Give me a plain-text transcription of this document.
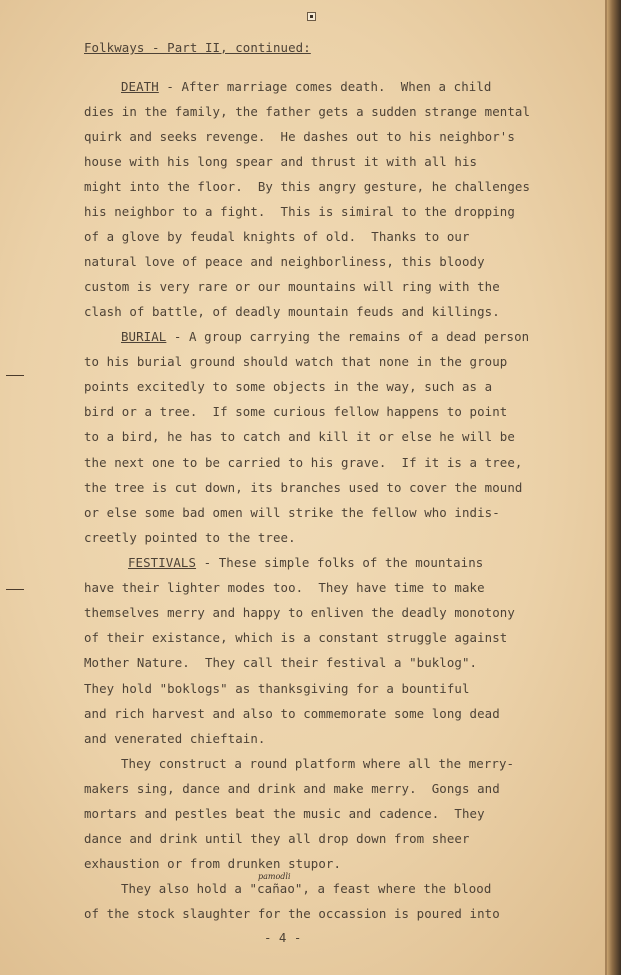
Folkways - Part II, continued:
DEATH - After marriage comes death.  When a child
dies in the family, the father gets a sudden strange mental
quirk and seeks revenge.  He dashes out to his neighbor's
house with his long spear and thrust it with all his
might into the floor.  By this angry gesture, he challenges
his neighbor to a fight.  This is simiral to the dropping
of a glove by feudal knights of old.  Thanks to our
natural love of peace and neighborliness, this bloody
custom is very rare or our mountains will ring with the
clash of battle, of deadly mountain feuds and killings.
BURIAL - A group carrying the remains of a dead person
to his burial ground should watch that none in the group
points excitedly to some objects in the way, such as a
bird or a tree.  If some curious fellow happens to point
to a bird, he has to catch and kill it or else he will be
the next one to be carried to his grave.  If it is a tree,
the tree is cut down, its branches used to cover the mound
or else some bad omen will strike the fellow who indis-
creetly pointed to the tree.
FESTIVALS - These simple folks of the mountains
have their lighter modes too.  They have time to make
themselves merry and happy to enliven the deadly monotony
of their existance, which is a constant struggle against
Mother Nature.  They call their festival a "buklog".
They hold "boklogs" as thanksgiving for a bountiful
and rich harvest and also to commemorate some long dead
and venerated chieftain.
They construct a round platform where all the merry-
makers sing, dance and drink and make merry.  Gongs and
mortars and pestles beat the music and cadence.  They
dance and drink until they all drop down from sheer
exhaustion or from drunken stupor.
They also hold a "cañao", a feast where the blood
of the stock slaughter for the occassion is poured into
pamodli
- 4 -
